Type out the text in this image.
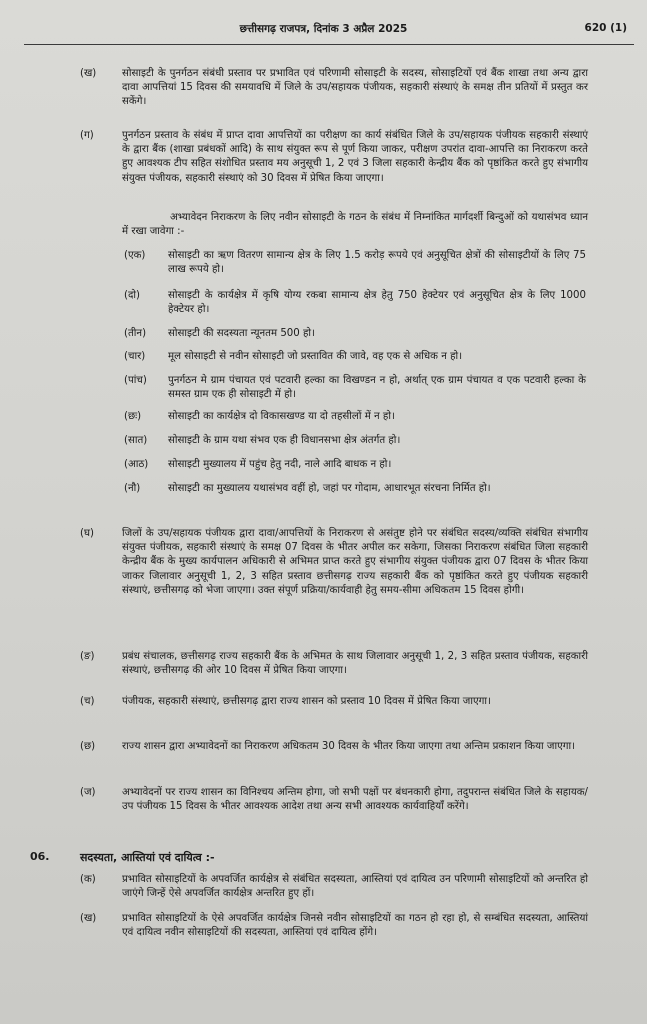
छत्तीसगढ़ राजपत्र, दिनांक 3 अप्रैल 2025	620 (1)
(ख)	सोसाइटी के पुनर्गठन संबंधी प्रस्ताव पर प्रभावित एवं परिणामी सोसाइटी के सदस्य, सोसाइटियों एवं बैंक शाखा तथा अन्य द्वारा दावा आपत्तियां 15 दिवस की समयावधि में जिले के उप/सहायक पंजीयक, सहकारी संस्थाएं के समक्ष तीन प्रतियों में प्रस्तुत कर सकेंगे।
(ग)	पुनर्गठन प्रस्ताव के संबंध में प्राप्त दावा आपत्तियों का परीक्षण का कार्य संबंधित जिले के उप/सहायक पंजीयक सहकारी संस्थाएं के द्वारा बैंक (शाखा प्रबंधकों आदि) के साथ संयुक्त रूप से पूर्ण किया जाकर, परीक्षण उपरांत दावा-आपत्ति का निराकरण करते हुए आवश्यक टीप सहित संशोधित प्रस्ताव मय अनुसूची 1, 2 एवं 3 जिला सहकारी केन्द्रीय बैंक को पृष्ठांकित करते हुए संभागीय संयुक्त पंजीयक, सहकारी संस्थाएं को 30 दिवस में प्रेषित किया जाएगा।
अभ्यावेदन निराकरण के लिए नवीन सोसाइटी के गठन के संबंध में निम्नांकित मार्गदर्शी बिन्दुओं को यथासंभव ध्यान में रखा जावेगा :-
(एक) सोसाइटी का ऋण वितरण सामान्य क्षेत्र के लिए 1.5 करोड़ रूपये एवं अनुसूचित क्षेत्रों की सोसाइटीयों के लिए 75 लाख रूपये हो।
(दो)	सोसाइटी के कार्यक्षेत्र में कृषि योग्य रकबा सामान्य क्षेत्र हेतु 750 हेक्टेयर एवं अनुसूचित क्षेत्र के लिए 1000 हेक्टेयर हो।
(तीन) सोसाइटी की सदस्यता न्यूनतम 500 हो।
(चार) मूल सोसाइटी से नवीन सोसाइटी जो प्रस्तावित की जावे, वह एक से अधिक न हो।
(पांच) पुनर्गठन मे ग्राम पंचायत एवं पटवारी हल्का का विखण्डन न हो, अर्थात् एक ग्राम पंचायत व एक पटवारी हल्का के समस्त ग्राम एक ही सोसाइटी में हो।
(छः)	सोसाइटी का कार्यक्षेत्र दो विकासखण्ड या दो तहसीलों में न हो।
(सात) सोसाइटी के ग्राम यथा संभव एक ही विधानसभा क्षेत्र अंतर्गत हो।
(आठ) सोसाइटी मुख्यालय में पहुंच हेतु नदी, नाले आदि बाधक न हो।
(नौ)	सोसाइटी का मुख्यालय यथासंभव वहीं हो, जहां पर गोदाम, आधारभूत संरचना निर्मित हो।
(घ)	जिलों के उप/सहायक पंजीयक द्वारा दावा/आपत्तियों के निराकरण से असंतुष्ट होने पर संबंधित सदस्य/व्यक्ति संबंधित संभागीय संयुक्त पंजीयक, सहकारी संस्थाएं के समक्ष 07 दिवस के भीतर अपील कर सकेगा, जिसका निराकरण संबंधित जिला सहकारी केन्द्रीय बैंक के मुख्य कार्यपालन अधिकारी से अभिमत प्राप्त करते हुए संभागीय संयुक्त पंजीयक द्वारा 07 दिवस के भीतर किया जाकर जिलावार अनुसूची 1, 2, 3 सहित प्रस्ताव छत्तीसगढ़ राज्य सहकारी बैंक को पृष्ठांकित करते हुए पंजीयक सहकारी संस्थाएं, छत्तीसगढ़ को भेजा जाएगा। उक्त संपूर्ण प्रक्रिया/कार्यवाही हेतु समय-सीमा अधिकतम 15 दिवस होगी।
(ङ)	प्रबंध संचालक, छत्तीसगढ़ राज्य सहकारी बैंक के अभिमत के साथ जिलावार अनुसूची 1, 2, 3 सहित प्रस्ताव पंजीयक, सहकारी संस्थाएं, छत्तीसगढ़ की ओर 10 दिवस में प्रेषित किया जाएगा।
(च)	पंजीयक, सहकारी संस्थाएं, छत्तीसगढ़ द्वारा राज्य शासन को प्रस्ताव 10 दिवस में प्रेषित किया जाएगा।
(छ)	राज्य शासन द्वारा अभ्यावेदनों का निराकरण अधिकतम 30 दिवस के भीतर किया जाएगा तथा अन्तिम प्रकाशन किया जाएगा।
(ज)	अभ्यावेदनों पर राज्य शासन का विनिश्चय अन्तिम होगा, जो सभी पक्षों पर बंधनकारी होगा, तदुपरान्त संबंधित जिले के सहायक/उप पंजीयक 15 दिवस के भीतर आवश्यक आदेश तथा अन्य सभी आवश्यक कार्यवाहियॉं करेंगे।
06.	सदस्यता, आस्तियां एवं दायित्व :-
(क)	प्रभावित सोसाइटियों के अपवर्जित कार्यक्षेत्र से संबंधित सदस्यता, आस्तियां एवं दायित्व उन परिणामी सोसाइटियों को अन्तरित हो जाएंगे जिन्हें ऐसे अपवर्जित कार्यक्षेत्र अन्तरित हुए हों।
(ख)	प्रभावित सोसाइटियों के ऐसे अपवर्जित कार्यक्षेत्र जिनसे नवीन सोसाइटियों का गठन हो रहा हो, से सम्बंधित सदस्यता, आस्तियां एवं दायित्व नवीन सोसाइटियों की सदस्यता, आस्तियां एवं दायित्व होंगे।
